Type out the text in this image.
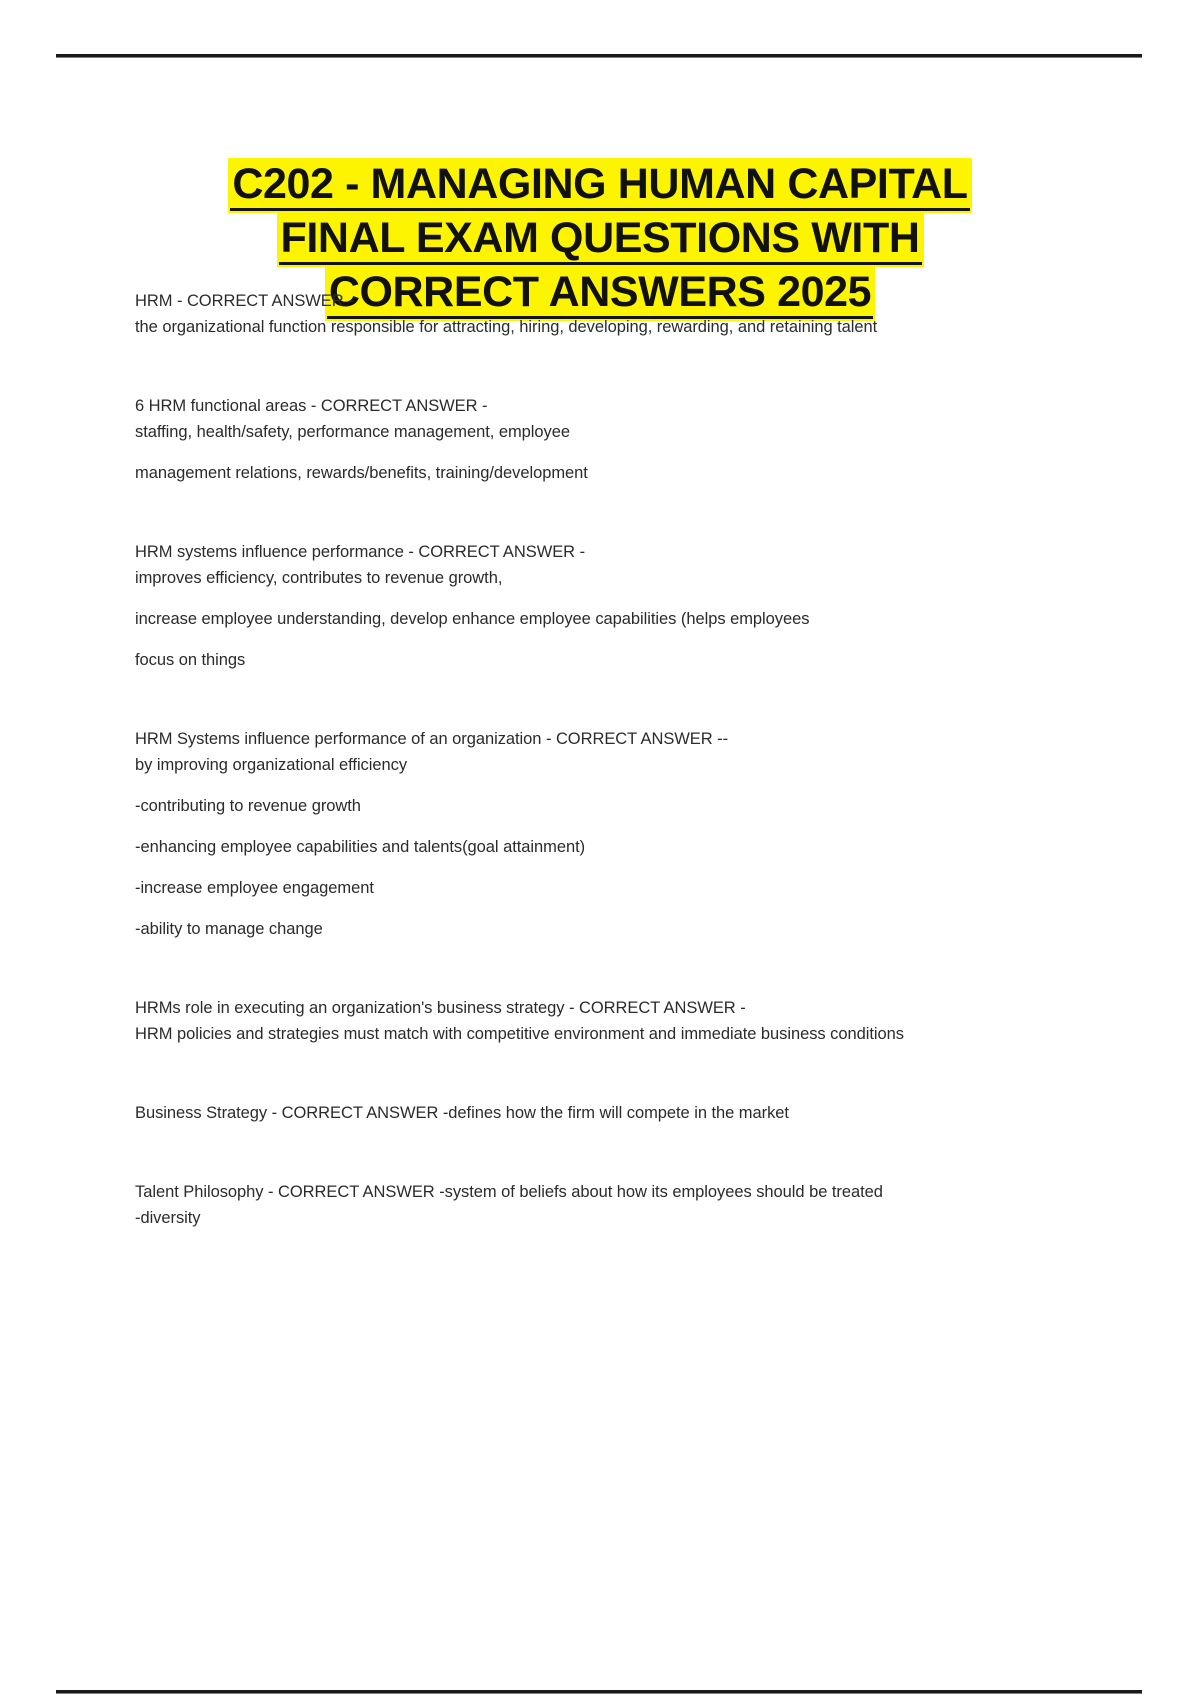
C202 - MANAGING HUMAN CAPITAL
FINAL EXAM QUESTIONS WITH
CORRECT ANSWERS 2025
HRM - CORRECT ANSWER -
the organizational function responsible for attracting, hiring, developing, rewarding, and retaining talent
6 HRM functional areas - CORRECT ANSWER -
staffing, health/safety, performance management, employee
management relations, rewards/benefits, training/development
HRM systems influence performance - CORRECT ANSWER -
improves efficiency, contributes to revenue growth,
increase employee understanding, develop enhance employee capabilities (helps employees
focus on things
HRM Systems influence performance of an organization - CORRECT ANSWER --
by improving organizational efficiency
-contributing to revenue growth
-enhancing employee capabilities and talents(goal attainment)
-increase employee engagement
-ability to manage change
HRMs role in executing an organization's business strategy - CORRECT ANSWER -
HRM policies and strategies must match with competitive environment and immediate business conditions
Business Strategy - CORRECT ANSWER -defines how the firm will compete in the market
Talent Philosophy - CORRECT ANSWER -system of beliefs about how its employees should be treated
-diversity
